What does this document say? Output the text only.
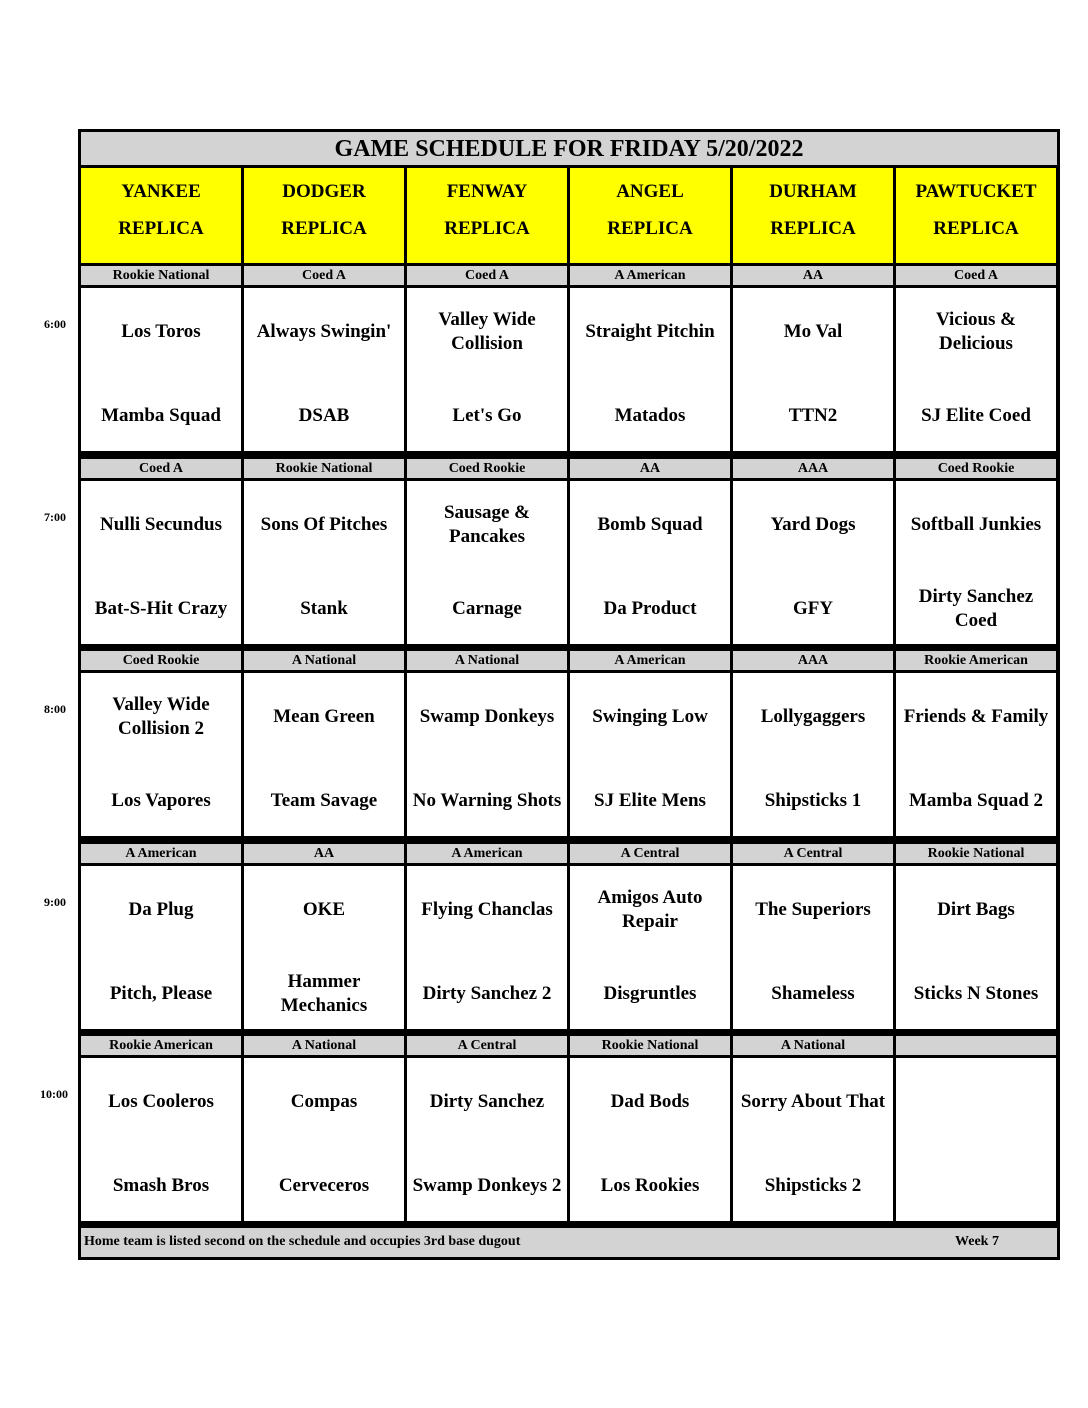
GAME SCHEDULE FOR FRIDAY 5/20/2022
YANKEE
REPLICA
DODGER
REPLICA
FENWAY
REPLICA
ANGEL
REPLICA
DURHAM
REPLICA
PAWTUCKET
REPLICA
Rookie National
Los Toros
Mamba Squad
Coed A
Always Swingin'
DSAB
Coed A
Valley Wide Collision
Let's Go
A American
Straight Pitchin
Matados
AA
Mo Val
TTN2
Coed A
Vicious & Delicious
SJ Elite Coed
Coed A
Nulli Secundus
Bat-S-Hit Crazy
Rookie National
Sons Of Pitches
Stank
Coed Rookie
Sausage & Pancakes
Carnage
AA
Bomb Squad
Da Product
AAA
Yard Dogs
GFY
Coed Rookie
Softball Junkies
Dirty Sanchez Coed
Coed Rookie
Valley Wide Collision 2
Los Vapores
A National
Mean Green
Team Savage
A National
Swamp Donkeys
No Warning Shots
A American
Swinging Low
SJ Elite Mens
AAA
Lollygaggers
Shipsticks 1
Rookie American
Friends & Family
Mamba Squad 2
A American
Da Plug
Pitch, Please
AA
OKE
Hammer Mechanics
A American
Flying Chanclas
Dirty Sanchez 2
A Central
Amigos Auto Repair
Disgruntles
A Central
The Superiors
Shameless
Rookie National
Dirt Bags
Sticks N Stones
Rookie American
Los Cooleros
Smash Bros
A National
Compas
Cerveceros
A Central
Dirty Sanchez
Swamp Donkeys 2
Rookie National
Dad Bods
Los Rookies
A National
Sorry About That
Shipsticks 2
Home team is listed second on the schedule and occupies 3rd base dugout	Week 7
6:00
7:00
8:00
9:00
10:00
